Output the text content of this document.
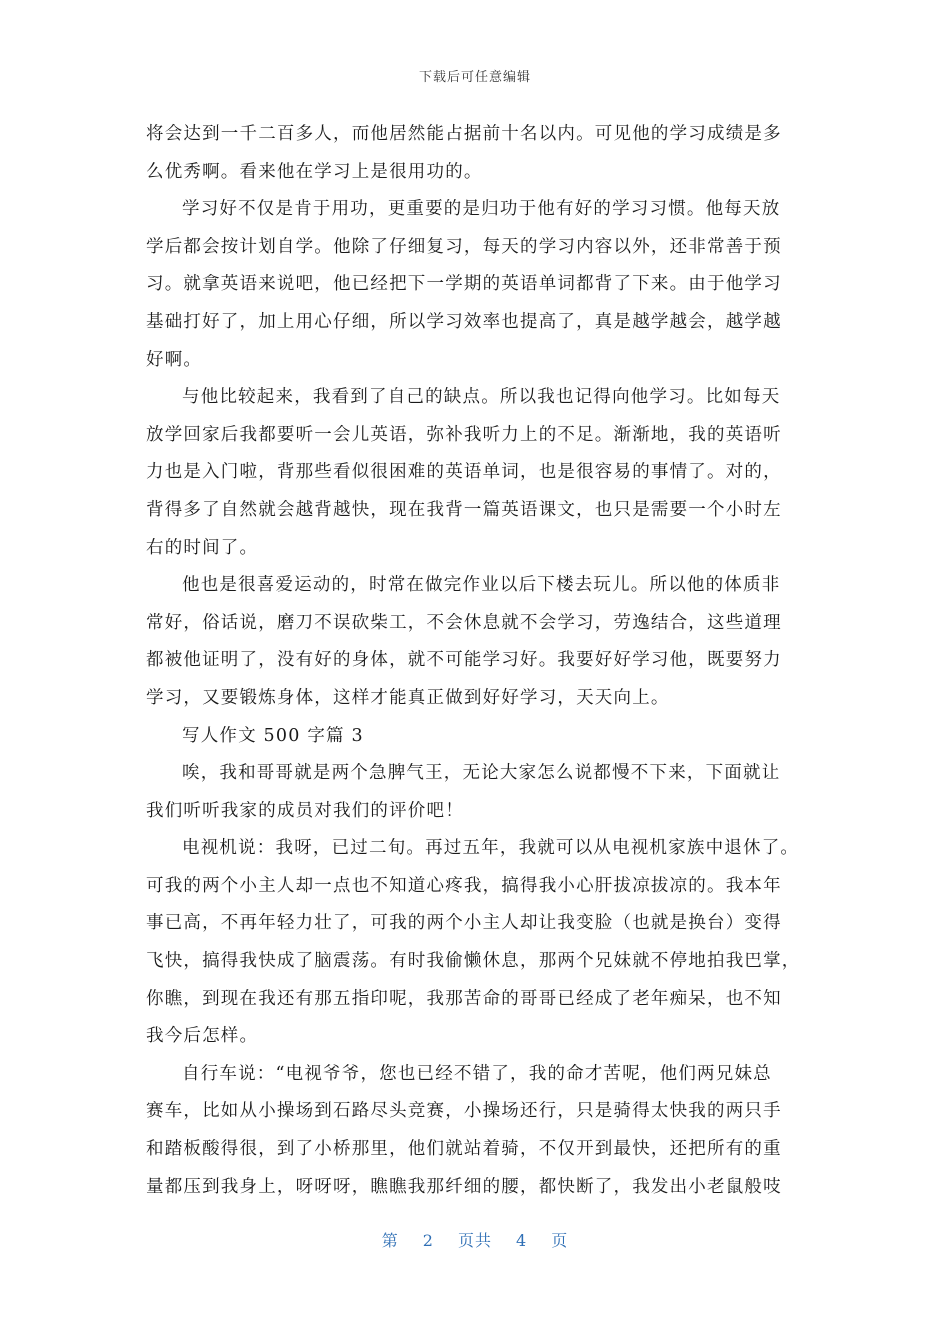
下载后可任意编辑
将会达到一千二百多人，而他居然能占据前十名以内。可见他的学习成绩是多
么优秀啊。看来他在学习上是很用功的。
学习好不仅是肯于用功，更重要的是归功于他有好的学习习惯。他每天放
学后都会按计划自学。他除了仔细复习，每天的学习内容以外，还非常善于预
习。就拿英语来说吧，他已经把下一学期的英语单词都背了下来。由于他学习
基础打好了，加上用心仔细，所以学习效率也提高了，真是越学越会，越学越
好啊。
与他比较起来，我看到了自己的缺点。所以我也记得向他学习。比如每天
放学回家后我都要听一会儿英语，弥补我听力上的不足。渐渐地，我的英语听
力也是入门啦，背那些看似很困难的英语单词，也是很容易的事情了。对的，
背得多了自然就会越背越快，现在我背一篇英语课文，也只是需要一个小时左
右的时间了。
他也是很喜爱运动的，时常在做完作业以后下楼去玩儿。所以他的体质非
常好，俗话说，磨刀不误砍柴工，不会休息就不会学习，劳逸结合，这些道理
都被他证明了，没有好的身体，就不可能学习好。我要好好学习他，既要努力
学习，又要锻炼身体，这样才能真正做到好好学习，天天向上。
写人作文 500 字篇 3
唉，我和哥哥就是两个急脾气王，无论大家怎么说都慢不下来，下面就让
我们听听我家的成员对我们的评价吧！
电视机说：我呀，已过二旬。再过五年，我就可以从电视机家族中退休了。
可我的两个小主人却一点也不知道心疼我，搞得我小心肝拔凉拔凉的。我本年
事已高，不再年轻力壮了，可我的两个小主人却让我变脸（也就是换台）变得
飞快，搞得我快成了脑震荡。有时我偷懒休息，那两个兄妹就不停地拍我巴掌，
你瞧，到现在我还有那五指印呢，我那苦命的哥哥已经成了老年痴呆，也不知
我今后怎样。
自行车说：“电视爷爷，您也已经不错了，我的命才苦呢，他们两兄妹总
赛车，比如从小操场到石路尽头竞赛，小操场还行，只是骑得太快我的两只手
和踏板酸得很，到了小桥那里，他们就站着骑，不仅开到最快，还把所有的重
量都压到我身上，呀呀呀，瞧瞧我那纤细的腰，都快断了，我发出小老鼠般吱
第 2 页共 4 页
